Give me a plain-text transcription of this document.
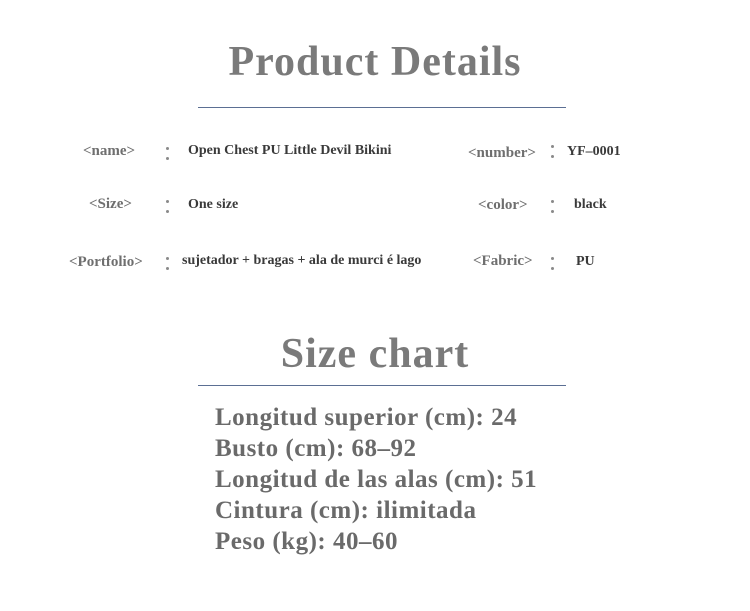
Product Details
<name>	Open Chest PU Little Devil Bikini	<number> YF‒0001
<Size>	One size	<color>	black
<Portfolio>	sujetador + bragas + ala de murci é lago	<Fabric>	PU
Size chart
Longitud superior (cm): 24
Busto (cm): 68‒92
Longitud de las alas (cm): 51
Cintura (cm): ilimitada
Peso (kg): 40‒60
